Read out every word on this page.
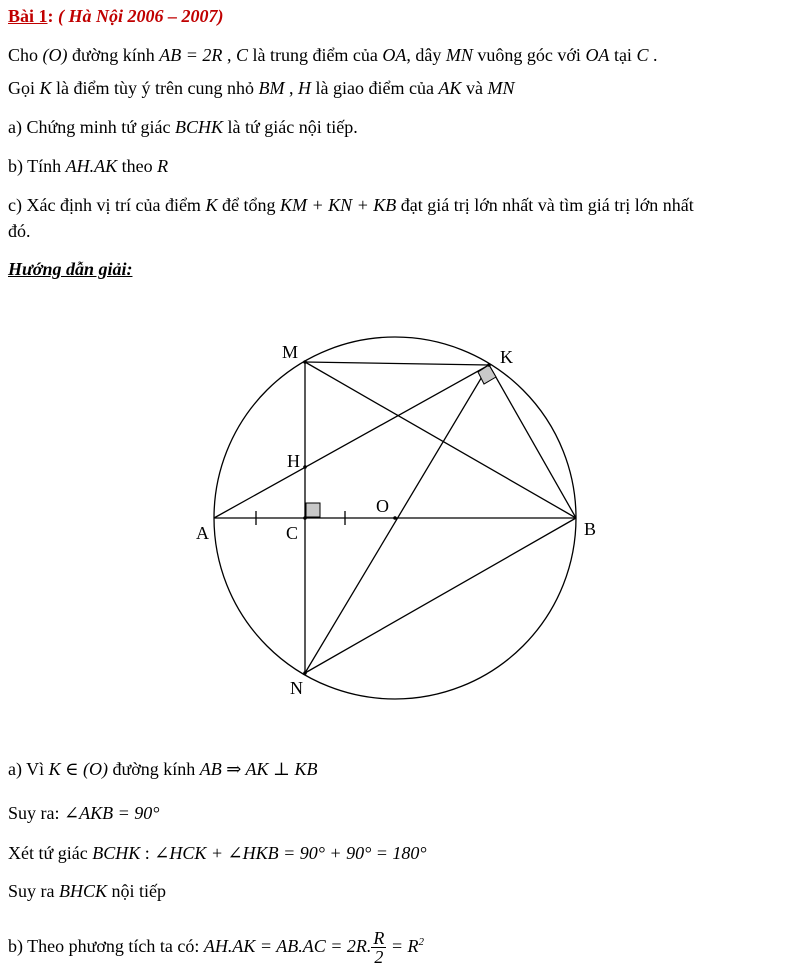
Bài 1: ( Hà Nội 2006 – 2007)
Cho (O) đường kính AB = 2R , C là trung điểm của OA, dây MN vuông góc với OA tại C .
Gọi K là điểm tùy ý trên cung nhỏ BM , H là giao điểm của AK và MN
a) Chứng minh tứ giác BCHK là tứ giác nội tiếp.
b) Tính AH.AK theo R
c) Xác định vị trí của điểm K để tổng KM + KN + KB đạt giá trị lớn nhất và tìm giá trị lớn nhất
đó.
Hướng dẫn giải:
M	K
H
O
A	C	B
N
a) Vì K ∈ (O) đường kính AB ⇒ AK ⊥ KB
Suy ra: ∠AKB = 90°
Xét tứ giác BCHK : ∠HCK + ∠HKB = 90° + 90° = 180°
Suy ra BHCK nội tiếp
b) Theo phương tích ta có: AH.AK = AB.AC = 2R. $\frac{R}{2} = R^2$
